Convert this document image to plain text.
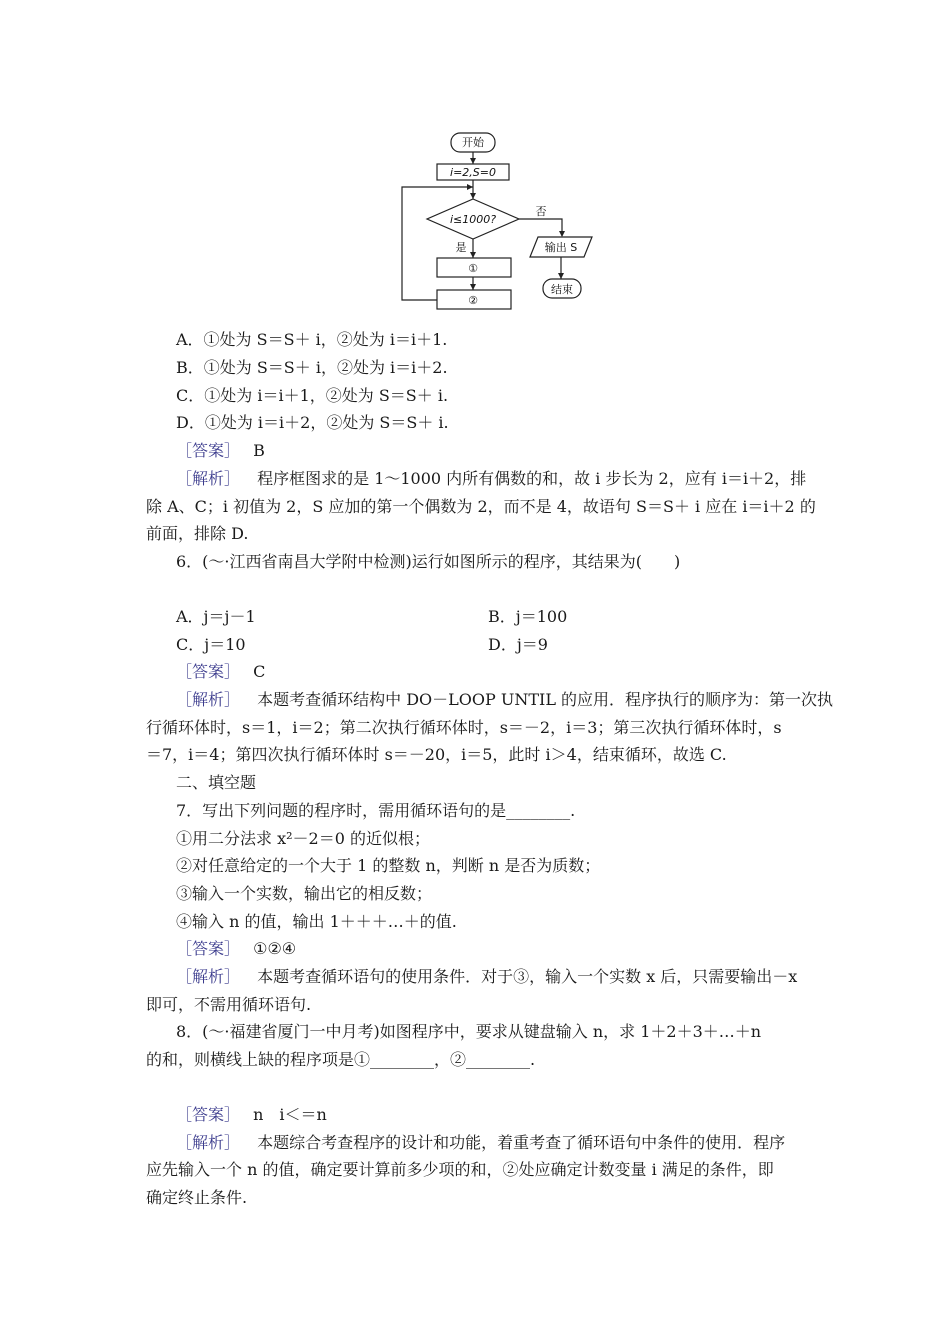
开始
i=2,S=0
i≤1000?
否
是
①
②
输出 S
结束
A．①处为 S＝S＋ i，②处为 i＝i＋1.
B．①处为 S＝S＋ i，②处为 i＝i＋2.
C．①处为 i＝i＋1，②处为 S＝S＋ i.
D．①处为 i＝i＋2，②处为 S＝S＋ i.
［答案］ B
［解析］ 程序框图求的是 1～1000 内所有偶数的和，故 i 步长为 2，应有 i＝i＋2，排
除 A、C；i 初值为 2，S 应加的第一个偶数为 2，而不是 4，故语句 S＝S＋ i 应在 i＝i＋2 的
前面，排除 D.
6．(～·江西省南昌大学附中检测)运行如图所示的程序，其结果为(　　)
A．j＝j－1	B．j＝100
C．j＝10	D．j＝9
［答案］ C
［解析］ 本题考查循环结构中 DO－LOOP UNTIL 的应用．程序执行的顺序为：第一次执
行循环体时，s＝1，i＝2；第二次执行循环体时，s＝－2，i＝3；第三次执行循环体时，s
＝7，i＝4；第四次执行循环体时 s＝－20，i＝5，此时 i＞4，结束循环，故选 C.
二、填空题
7．写出下列问题的程序时，需用循环语句的是________.
①用二分法求 x²－2＝0 的近似根；
②对任意给定的一个大于 1 的整数 n，判断 n 是否为质数；
③输入一个实数，输出它的相反数；
④输入 n 的值，输出 1＋＋＋…＋的值.
［答案］ ①②④
［解析］ 本题考查循环语句的使用条件．对于③，输入一个实数 x 后，只需要输出－x
即可，不需用循环语句.
8．(～·福建省厦门一中月考)如图程序中，要求从键盘输入 n，求 1＋2＋3＋…＋n
的和，则横线上缺的程序项是①________，②________.
［答案］ n　i＜＝n
［解析］ 本题综合考查程序的设计和功能，着重考查了循环语句中条件的使用．程序
应先输入一个 n 的值，确定要计算前多少项的和，②处应确定计数变量 i 满足的条件，即
确定终止条件.
